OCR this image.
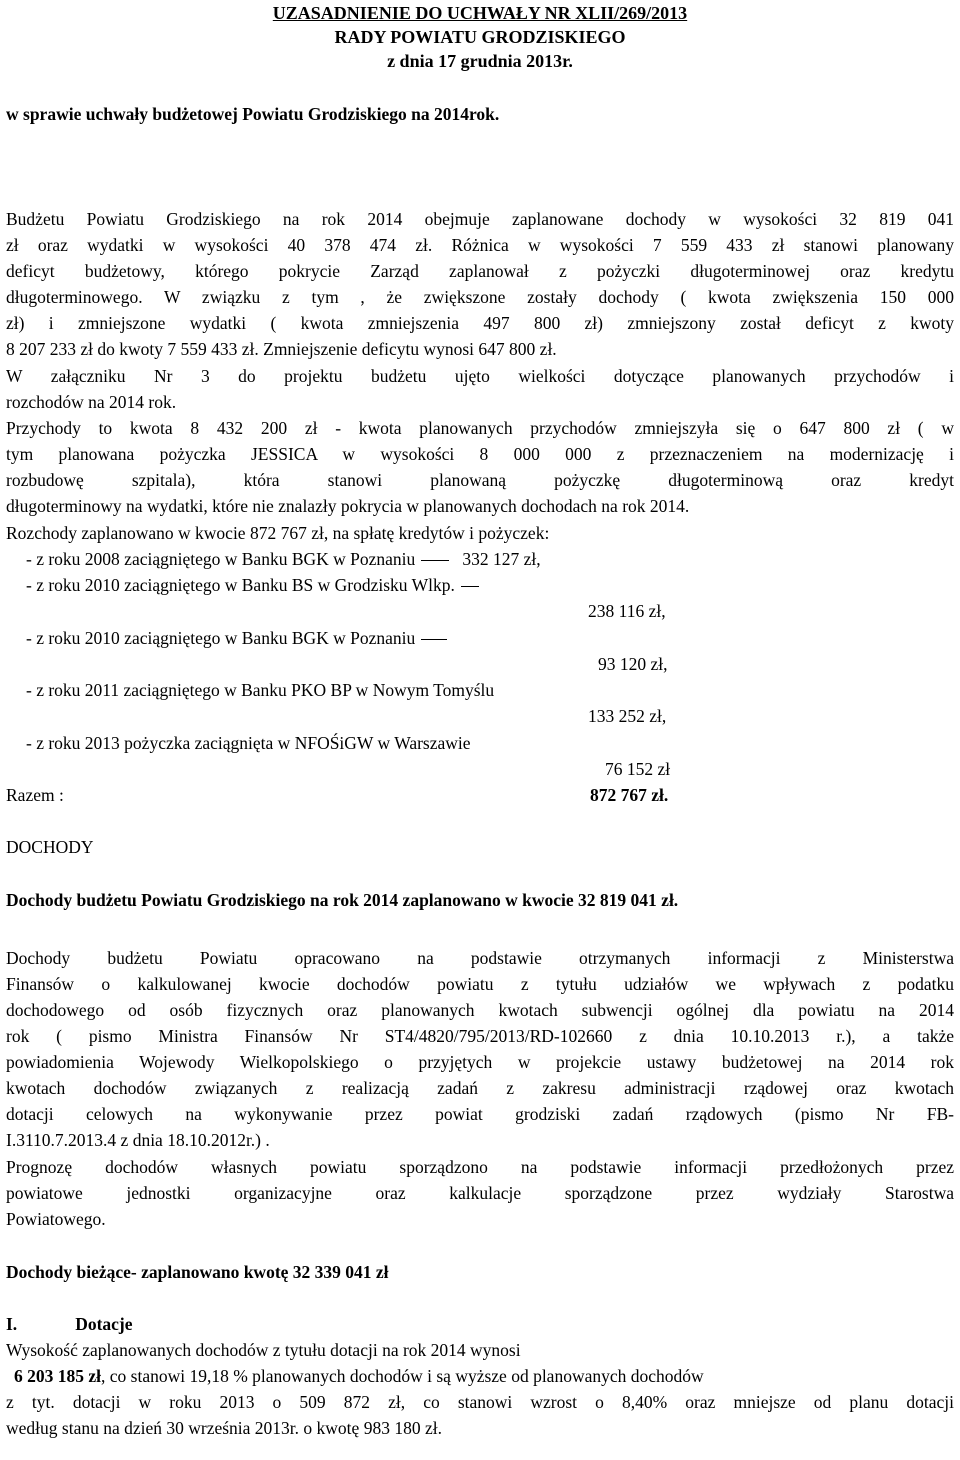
UZASADNIENIE DO UCHWAŁY NR XLII/269/2013
RADY POWIATU GRODZISKIEGO
z dnia 17 grudnia 2013r.
w sprawie uchwały budżetowej Powiatu Grodziskiego na 2014rok.
Budżetu Powiatu Grodziskiego na rok 2014 obejmuje zaplanowane dochody w wysokości 32 819 041
zł oraz wydatki w wysokości 40 378 474 zł. Różnica w wysokości 7 559 433 zł stanowi planowany
deficyt budżetowy, którego pokrycie Zarząd zaplanował z pożyczki długoterminowej oraz kredytu
długoterminowego. W związku z tym , że zwiększone zostały dochody ( kwota zwiększenia 150 000
zł) i zmniejszone wydatki ( kwota zmniejszenia 497 800 zł) zmniejszony został deficyt z kwoty
8 207 233 zł do kwoty 7 559 433 zł. Zmniejszenie deficytu wynosi 647 800 zł.
W załączniku Nr 3 do projektu budżetu ujęto wielkości dotyczące planowanych przychodów i
rozchodów na 2014 rok.
Przychody to kwota 8 432 200 zł - kwota planowanych przychodów zmniejszyła się o 647 800 zł ( w
tym planowana pożyczka JESSICA w wysokości 8 000 000 z przeznaczeniem na modernizację i
rozbudowę szpitala), która stanowi planowaną pożyczkę długoterminową oraz kredyt
długoterminowy na wydatki, które nie znalazły pokrycia w planowanych dochodach na rok 2014.
Rozchody zaplanowano w kwocie 872 767 zł, na spłatę kredytów i pożyczek:
- z roku 2008 zaciągniętego w Banku BGK w Poznaniu	332 127 zł,
- z roku 2010 zaciągniętego w Banku BS w Grodzisku Wlkp.
238 116 zł,
- z roku 2010 zaciągniętego w Banku BGK w Poznaniu
93 120 zł,
- z roku 2011 zaciągniętego w Banku PKO BP w Nowym Tomyślu
133 252 zł,
- z roku 2013 pożyczka zaciągnięta w NFOŚiGW w Warszawie
76 152 zł
Razem :	872 767 zł.
DOCHODY
Dochody budżetu Powiatu Grodziskiego na rok 2014 zaplanowano w kwocie 32 819 041 zł.
Dochody budżetu Powiatu opracowano na podstawie otrzymanych informacji z Ministerstwa
Finansów o kalkulowanej kwocie dochodów powiatu z tytułu udziałów we wpływach z podatku
dochodowego od osób fizycznych oraz planowanych kwotach subwencji ogólnej dla powiatu na 2014
rok ( pismo Ministra Finansów Nr ST4/4820/795/2013/RD-102660 z dnia 10.10.2013 r.), a także
powiadomienia Wojewody Wielkopolskiego o przyjętych w projekcie ustawy budżetowej na 2014 rok
kwotach dochodów związanych z realizacją zadań z zakresu administracji rządowej oraz kwotach
dotacji celowych na wykonywanie przez powiat grodziski zadań rządowych (pismo Nr FB-
I.3110.7.2013.4 z dnia 18.10.2012r.) .
Prognozę dochodów własnych powiatu sporządzono na podstawie informacji przedłożonych przez
powiatowe jednostki organizacyjne oraz kalkulacje sporządzone przez wydziały Starostwa
Powiatowego.
Dochody bieżące- zaplanowano kwotę 32 339 041 zł
I.	Dotacje
Wysokość zaplanowanych dochodów z tytułu dotacji na rok 2014 wynosi
6 203 185 zł, co stanowi 19,18 % planowanych dochodów i są wyższe od planowanych dochodów
z tyt. dotacji w roku 2013 o 509 872 zł, co stanowi wzrost o 8,40% oraz mniejsze od planu dotacji
według stanu na dzień 30 września 2013r. o kwotę 983 180 zł.
